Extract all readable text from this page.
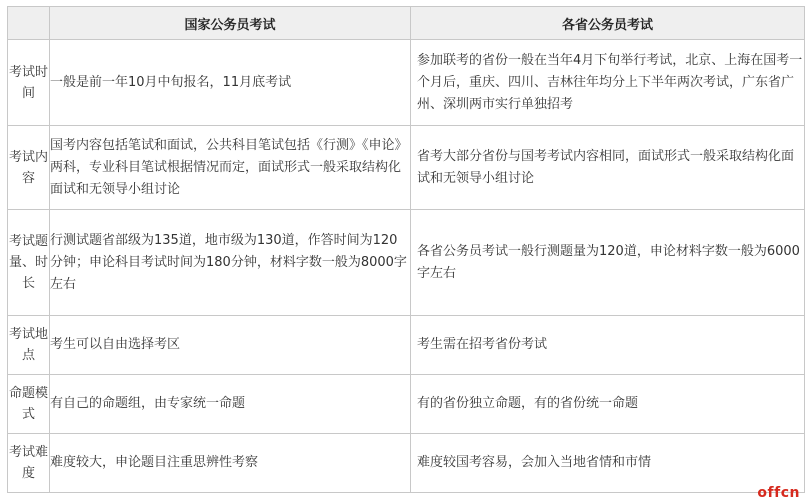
	国家公务员考试	各省公务员考试
考试时间	一般是前一年10月中旬报名，11月底考试	参加联考的省份一般在当年4月下旬举行考试，北京、上海在国考一个月后，重庆、四川、吉林往年均分上下半年两次考试，广东省广州、深圳两市实行单独招考
考试内容	国考内容包括笔试和面试，公共科目笔试包括《行测》《申论》两科，专业科目笔试根据情况而定，面试形式一般采取结构化面试和无领导小组讨论	省考大部分省份与国考考试内容相同，面试形式一般采取结构化面试和无领导小组讨论
考试题量、时长	行测试题省部级为135道，地市级为130道，作答时间为120分钟；申论科目考试时间为180分钟，材料字数一般为8000字左右	各省公务员考试一般行测题量为120道，申论材料字数一般为6000字左右
考试地点	考生可以自由选择考区	考生需在招考省份考试
命题模式	有自己的命题组，由专家统一命题	有的省份独立命题，有的省份统一命题
考试难度	难度较大，申论题目注重思辨性考察	难度较国考容易，会加入当地省情和市情
offcn
